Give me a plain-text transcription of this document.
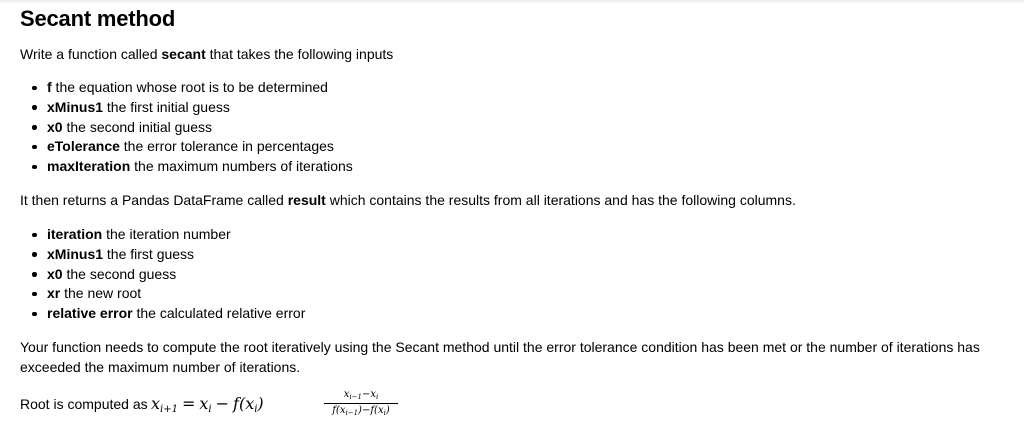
Secant method

Write a function called secant that takes the following inputs

f the equation whose root is to be determined
xMinus1 the first initial guess
x0 the second initial guess
eTolerance the error tolerance in percentages
maxIteration the maximum numbers of iterations

It then returns a Pandas DataFrame called result which contains the results from all iterations and has the following columns.

iteration the iteration number
xMinus1 the first guess
x0 the second guess
xr the new root
relative error the calculated relative error

Your function needs to compute the root iteratively using the Secant method until the error tolerance condition has been met or the number of iterations has exceeded the maximum number of iterations.

Root is computed as $x_{i+1} = x_i - f(x_i)$	$x_{i-1}-x_i$
$f(x_{i-1})-f(x_i)$
